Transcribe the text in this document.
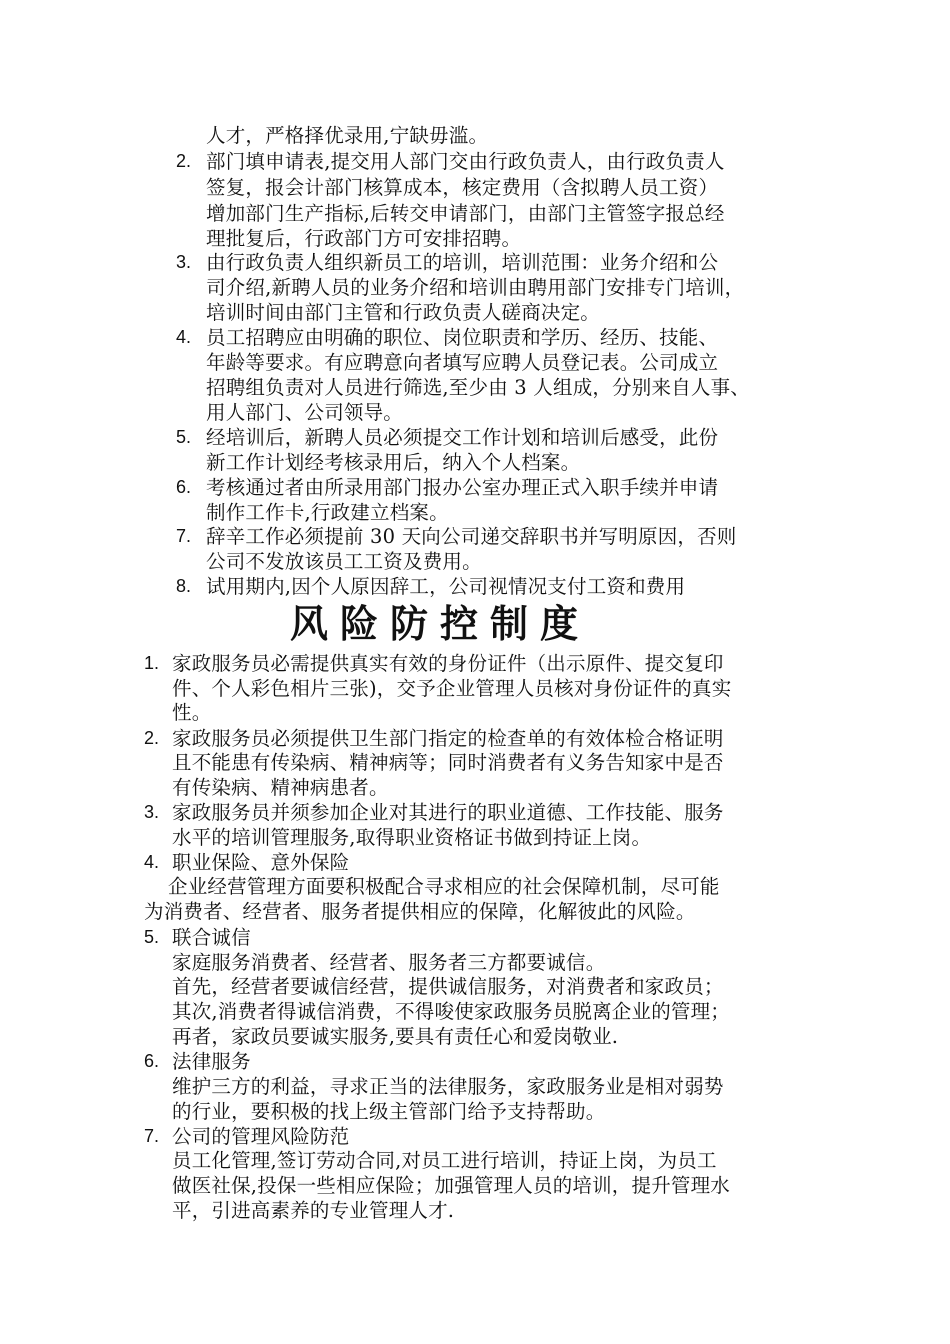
人才，严格择优录用,宁缺毋滥。
2. 部门填申请表,提交用人部门交由行政负责人，由行政负责人
签复，报会计部门核算成本，核定费用（含拟聘人员工资）
增加部门生产指标,后转交申请部门，由部门主管签字报总经
理批复后，行政部门方可安排招聘。
3. 由行政负责人组织新员工的培训，培训范围：业务介绍和公
司介绍,新聘人员的业务介绍和培训由聘用部门安排专门培训，
培训时间由部门主管和行政负责人磋商决定。
4. 员工招聘应由明确的职位、岗位职责和学历、经历、技能、
年龄等要求。有应聘意向者填写应聘人员登记表。公司成立
招聘组负责对人员进行筛选,至少由 3 人组成，分别来自人事、
用人部门、公司领导。
5. 经培训后，新聘人员必须提交工作计划和培训后感受，此份
新工作计划经考核录用后，纳入个人档案。
6. 考核通过者由所录用部门报办公室办理正式入职手续并申请
制作工作卡,行政建立档案。
7. 辞辛工作必须提前 30 天向公司递交辞职书并写明原因，否则
公司不发放该员工工资及费用。
8. 试用期内,因个人原因辞工，公司视情况支付工资和费用
风险防控制度
1. 家政服务员必需提供真实有效的身份证件（出示原件、提交复印
件、个人彩色相片三张)，交予企业管理人员核对身份证件的真实
性。
2. 家政服务员必须提供卫生部门指定的检查单的有效体检合格证明
且不能患有传染病、精神病等；同时消费者有义务告知家中是否
有传染病、精神病患者。
3. 家政服务员并须参加企业对其进行的职业道德、工作技能、服务
水平的培训管理服务,取得职业资格证书做到持证上岗。
4. 职业保险、意外保险
企业经营管理方面要积极配合寻求相应的社会保障机制，尽可能
为消费者、经营者、服务者提供相应的保障，化解彼此的风险。
5. 联合诚信
家庭服务消费者、经营者、服务者三方都要诚信。
首先，经营者要诚信经营，提供诚信服务，对消费者和家政员；
其次,消费者得诚信消费，不得唆使家政服务员脱离企业的管理；
再者，家政员要诚实服务,要具有责任心和爱岗敬业.
6. 法律服务
维护三方的利益，寻求正当的法律服务，家政服务业是相对弱势
的行业，要积极的找上级主管部门给予支持帮助。
7. 公司的管理风险防范
员工化管理,签订劳动合同,对员工进行培训，持证上岗，为员工
做医社保,投保一些相应保险；加强管理人员的培训，提升管理水
平，引进高素养的专业管理人才.
